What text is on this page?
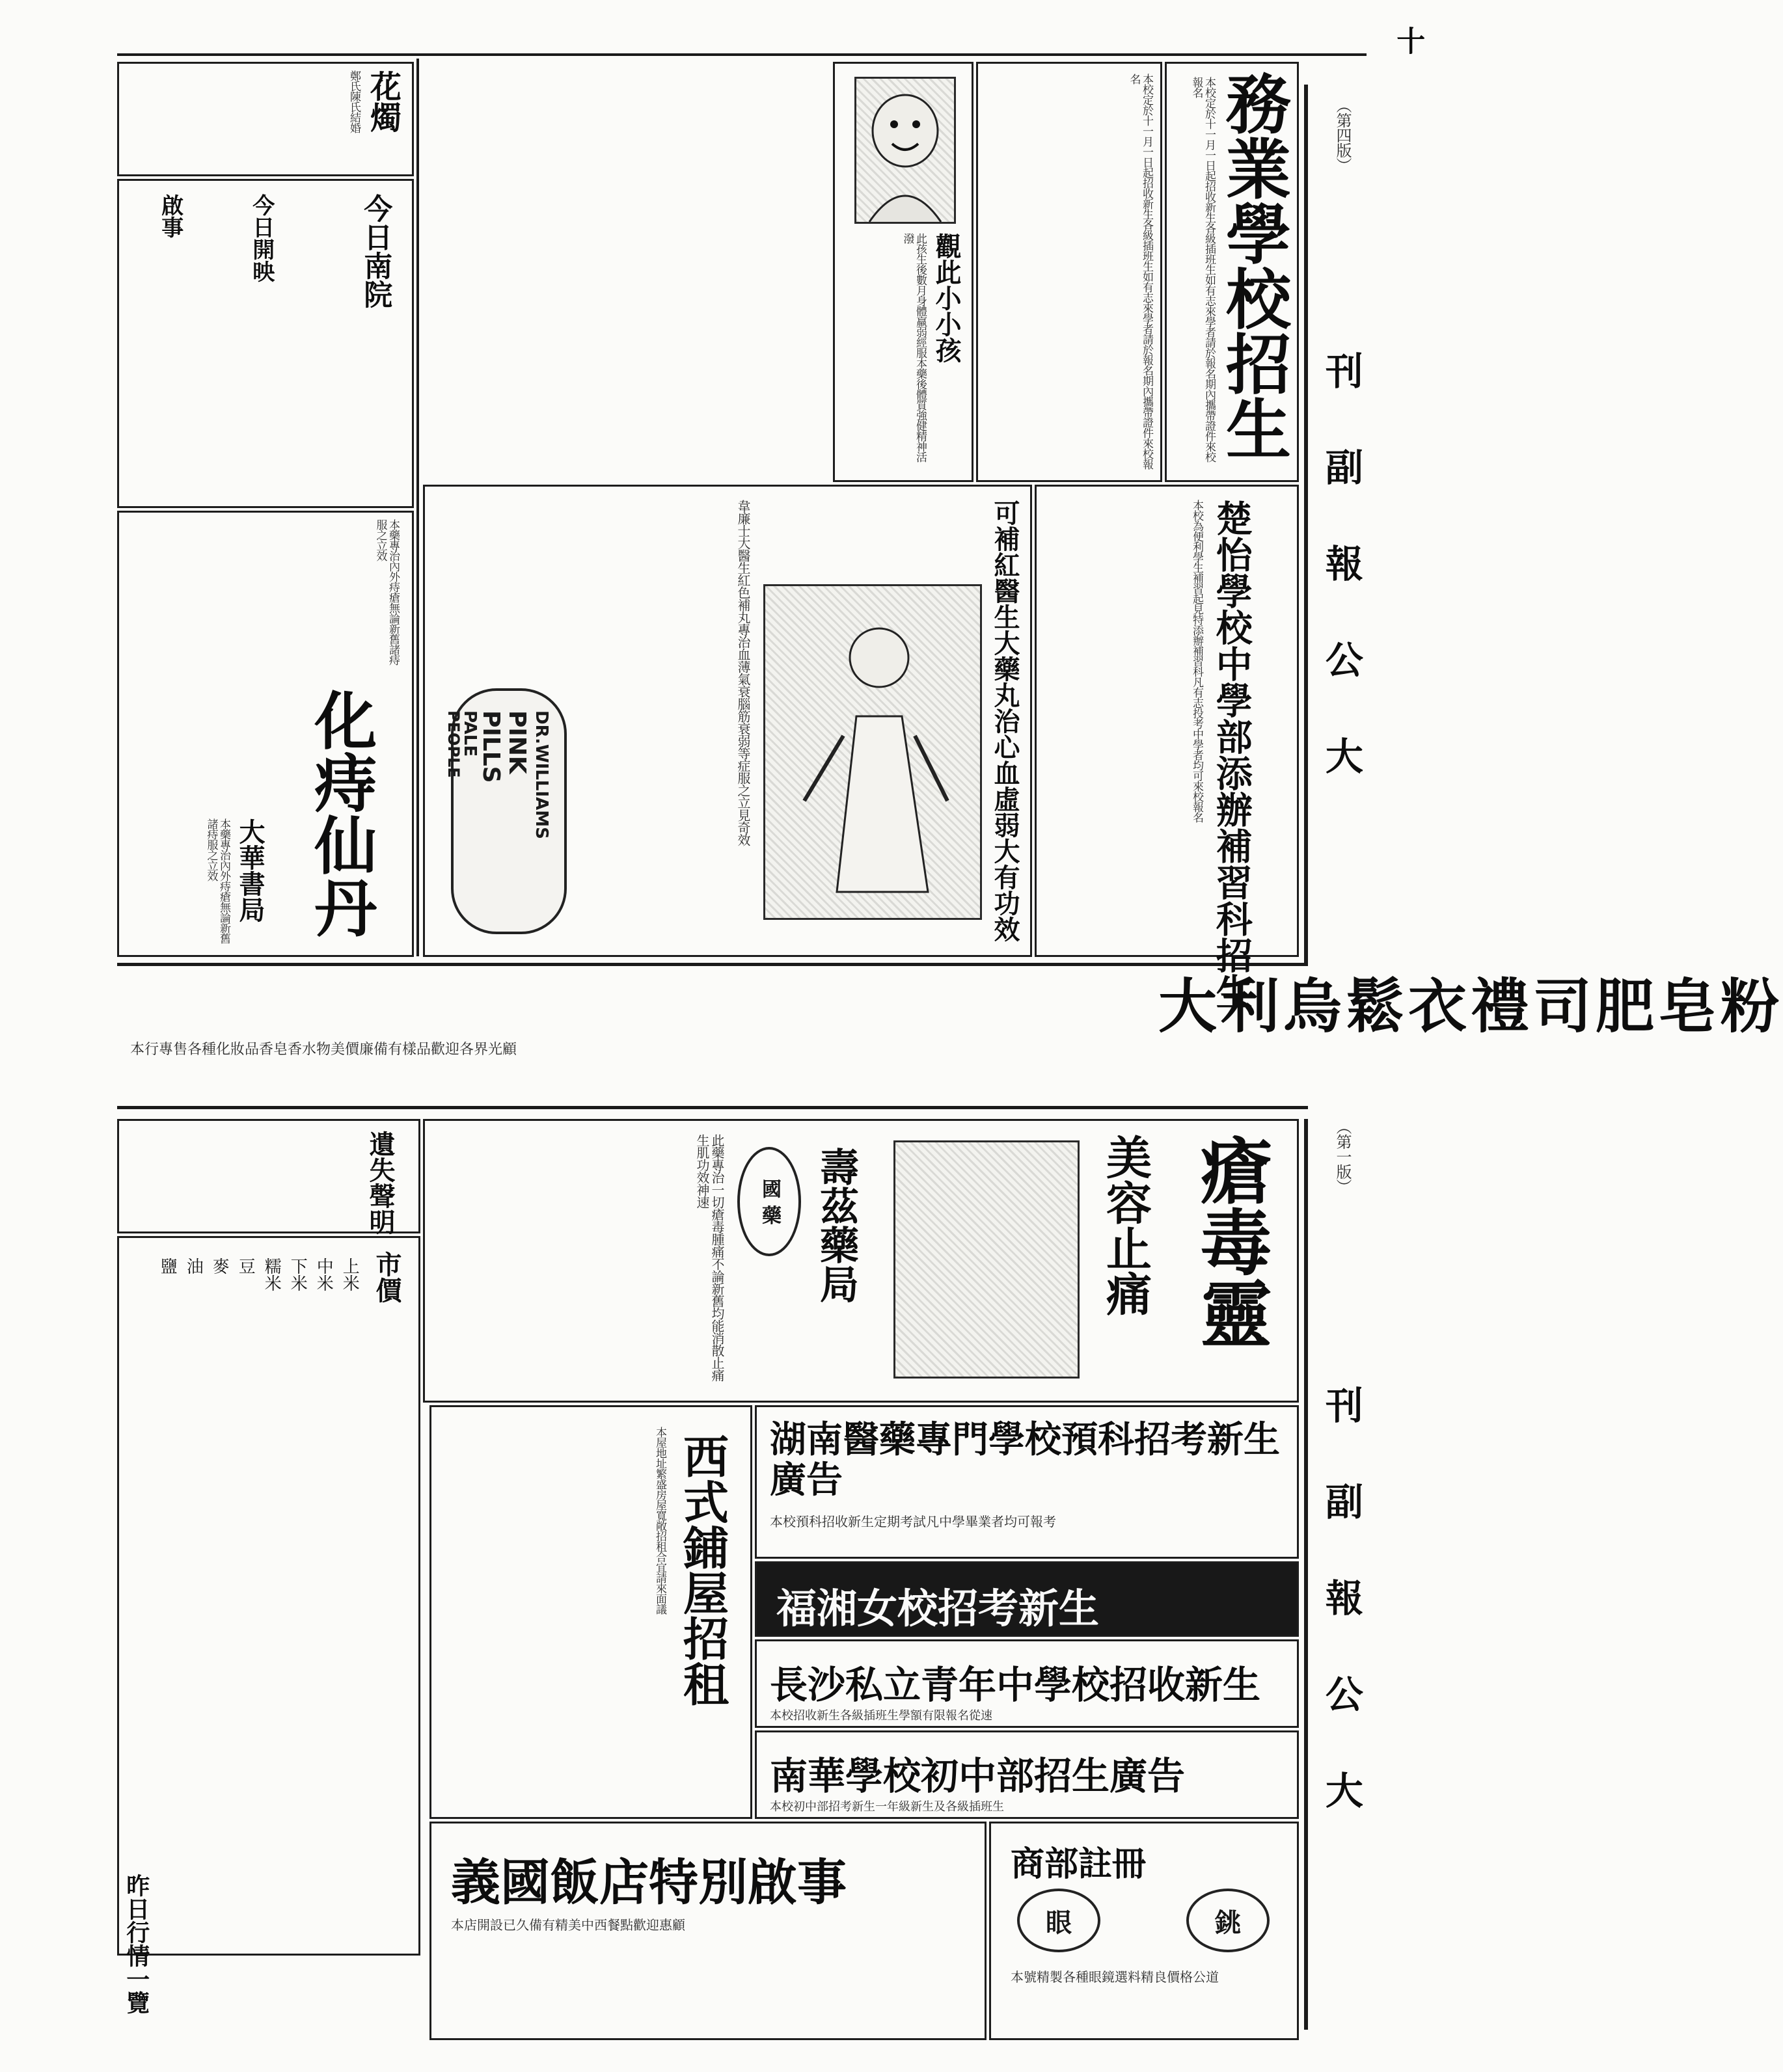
十
（第四版）
（第一版）
刊副報公大
刊副報公大
務業學校招生
本校定於十一月一日起招收新生各級插班生如有志來學者請於報名期內攜帶證件來校報名
本校定於十一月一日起招收新生各級插班生如有志來學者請於報名期內攜帶證件來校報名
楚怡學校中學部添辦補習科招生
本校為便利學生補習起見特添辦補習科凡有志投考中學者均可來校報名
觀此小小孩
此孩生後數月身體羸弱經服本藥後體質強健精神活潑
可補紅醫生大藥丸治心血虛弱大有功效
韋廉士大醫生紅色補丸專治血薄氣衰腦筋衰弱等症服之立見奇效
DR.WILLIAMS
PINK
PILLS
PALE
PEOPLE
花燭
鄭氏陳氏結婚
今日南院
今日開映
啟事
本藥專治內外痔瘡無論新舊諸痔服之立效
化痔仙丹
大華書局
本藥專治內外痔瘡無論新舊諸痔服之立效
大利烏鬆衣禮司肥皂粉
本行專售各種化妝品香皂香水物美價廉備有樣品歡迎各界光顧
瘡毒靈
美容止痛
壽茲藥局
國 藥
此藥專治一切瘡毒腫痛不論新舊均能消散止痛生肌功效神速
湖南醫藥專門學校預科招考新生廣告
本校預科招收新生定期考試凡中學畢業者均可報考
福湘女校招考新生
長沙私立青年中學校招收新生
本校招收新生各級插班生學額有限報名從速
南華學校初中部招生廣告
本校初中部招考新生一年級新生及各級插班生
西式鋪屋招租
本屋地址繁盛房屋寬敞招租合宜請來面議
義國飯店特別啟事
本店開設已久備有精美中西餐點歡迎惠顧
商部註冊
眼	銚
本號精製各種眼鏡選料精良價格公道
遺失聲明
市價
上米
中米
下米
糯米
豆
麥
油
鹽
昨日行情一覽
